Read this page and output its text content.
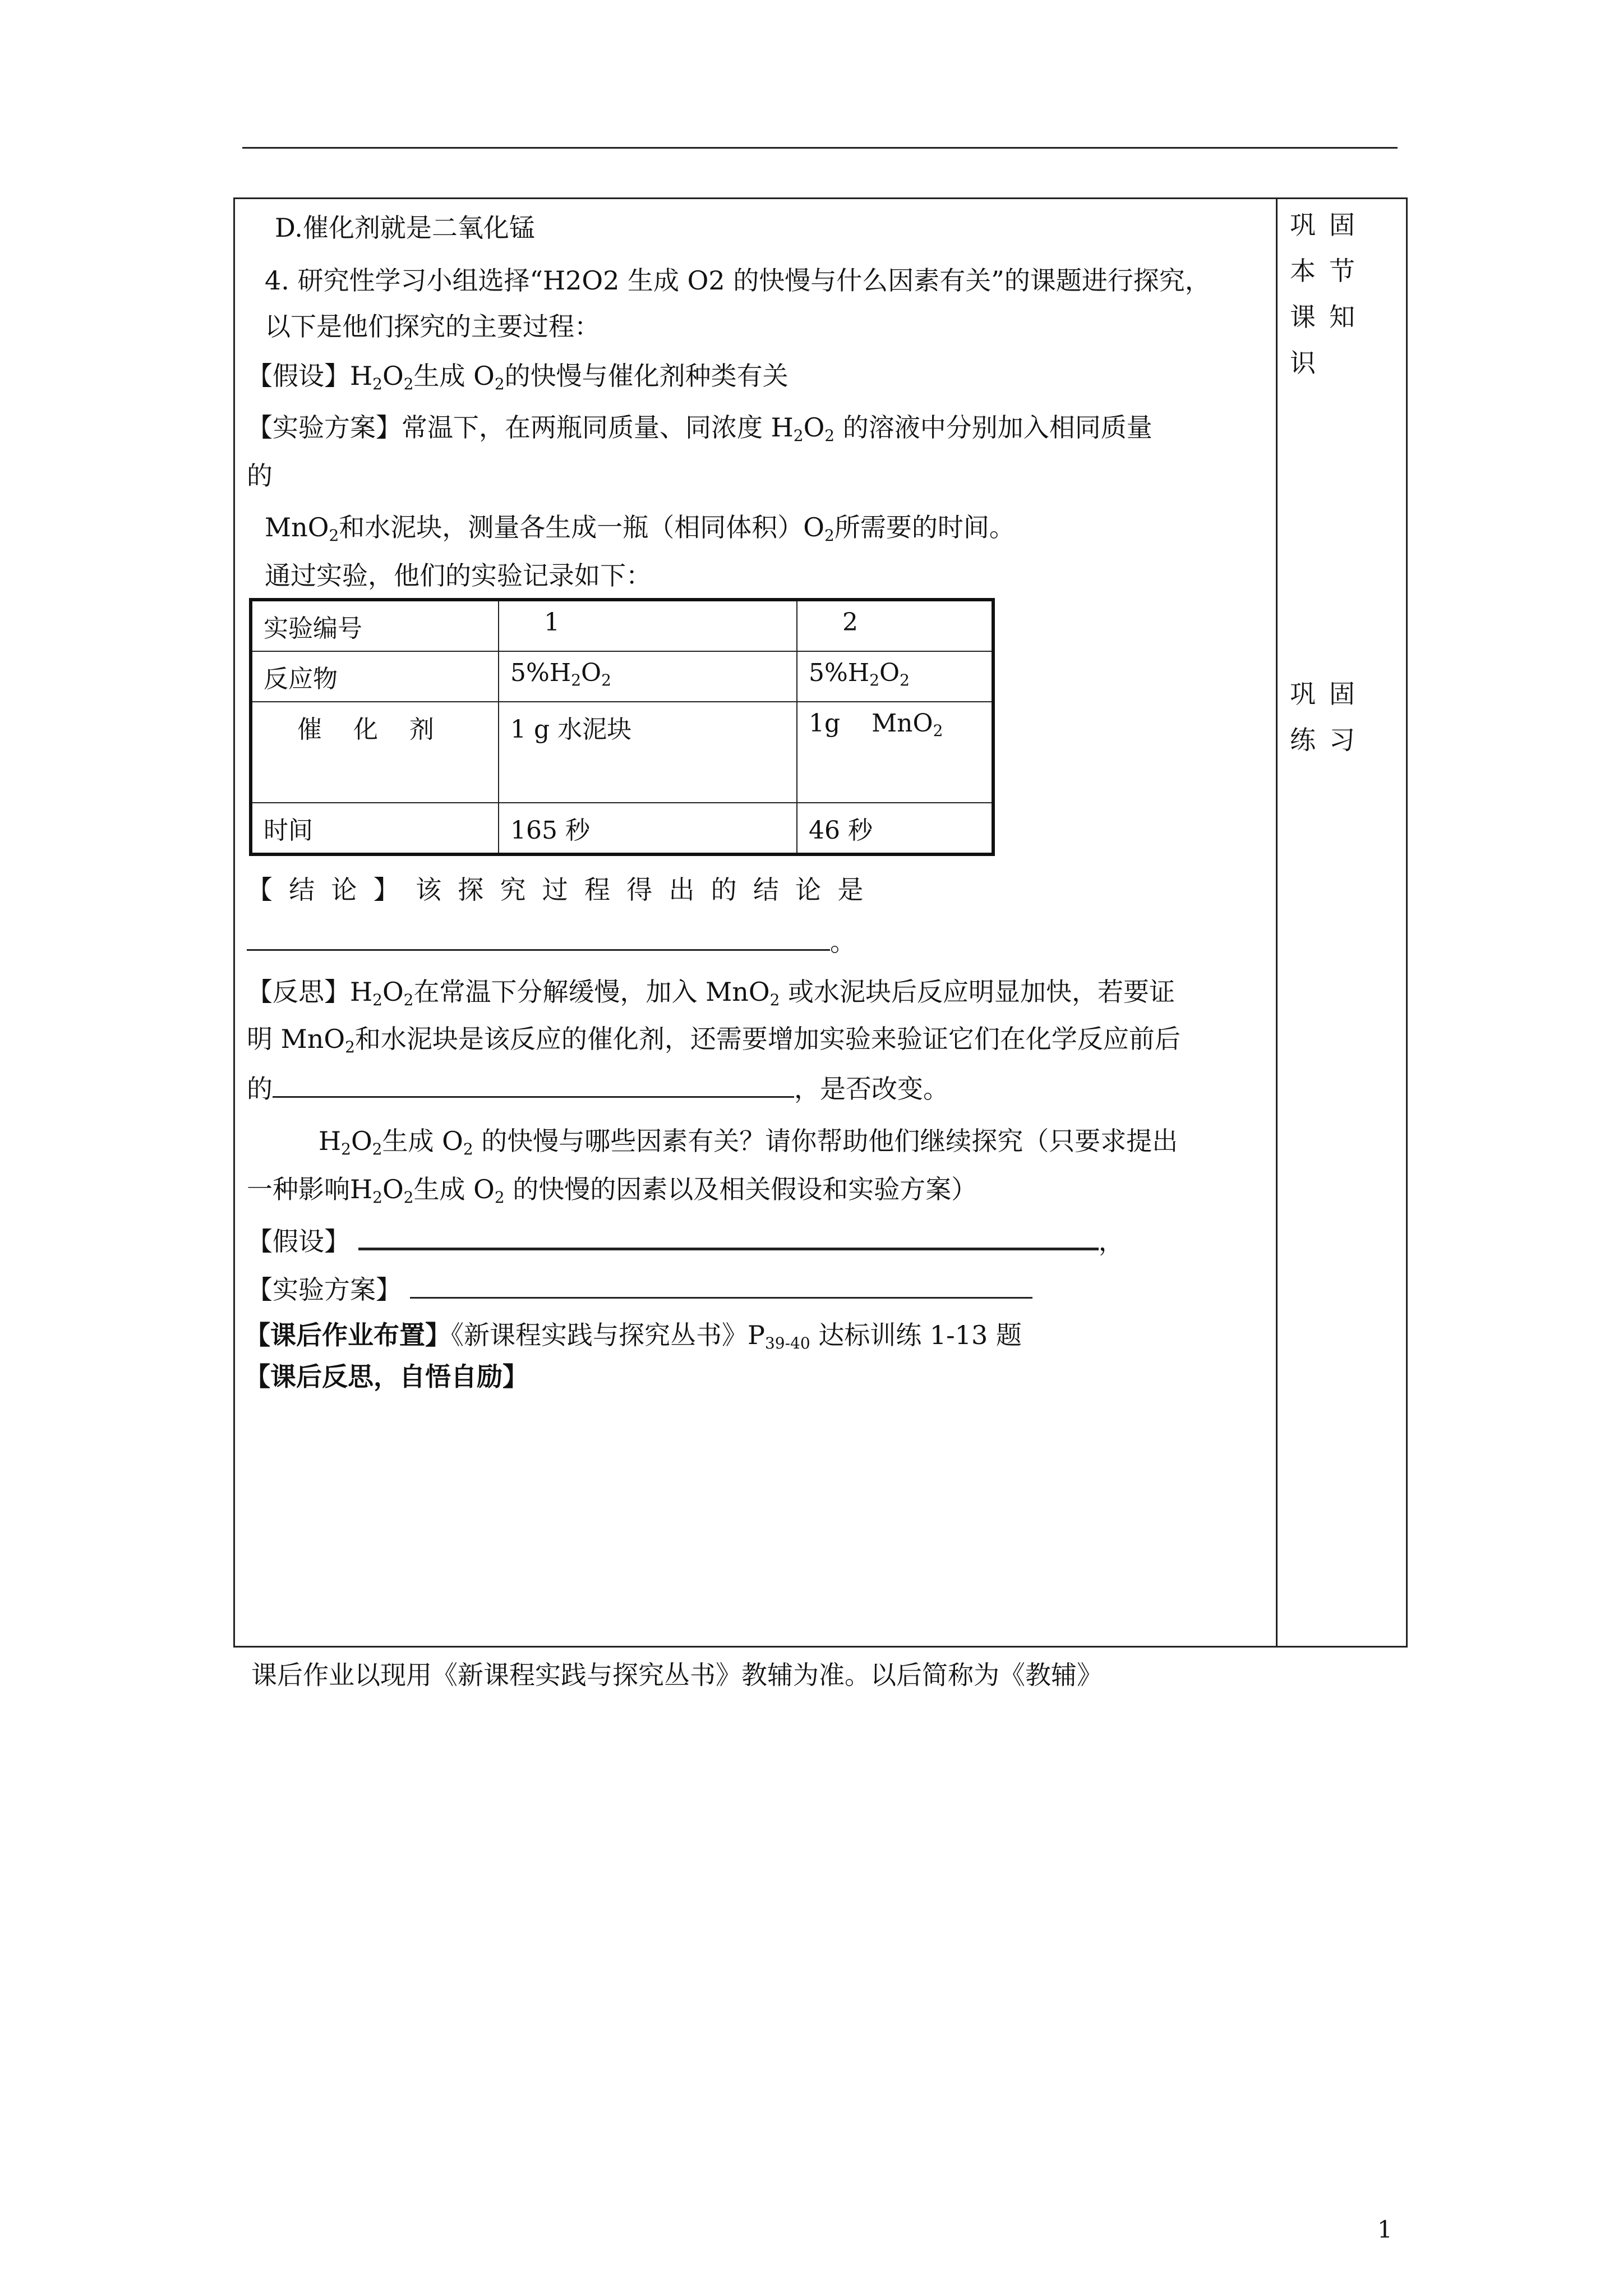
D.催化剂就是二氧化锰
4. 研究性学习小组选择“H2O2 生成 O2 的快慢与什么因素有关”的课题进行探究，
以下是他们探究的主要过程：
【假设】$H_2O_2$生成 $O_2$的快慢与催化剂种类有关
【实验方案】常温下，在两瓶同质量、同浓度 $H_2O_2$ 的溶液中分别加入相同质量
的
MnO$_2$和水泥块，测量各生成一瓶（相同体积）$O_2$所需要的时间。
通过实验，他们的实验记录如下：
实验编号	1	2
反应物	$5\%H_2O_2$	$5\%H_2O_2$
催    化    剂	1 g 水泥块	1g    MnO$_2$
时间	165 秒	46 秒
【  结  论  】  该  探  究  过  程  得  出  的  结  论  是
。
【反思】$H_2O_2$在常温下分解缓慢，加入 MnO$_2$ 或水泥块后反应明显加快，若要证
明 MnO$_2$和水泥块是该反应的催化剂，还需要增加实验来验证它们在化学反应前后
的	，是否改变。
$H_2O_2$生成 $O_2$ 的快慢与哪些因素有关？请你帮助他们继续探究（只要求提出
一种影响$H_2O_2$生成 $O_2$ 的快慢的因素以及相关假设和实验方案）
【假设】	，
【实验方案】
【课后作业布置】《新课程实践与探究丛书》$P_{39-40}$ 达标训练 1-13 题
【课后反思，自悟自励】
巩固本节课知识
巩固练习
课后作业以现用《新课程实践与探究丛书》教辅为准。以后简称为《教辅》
1
